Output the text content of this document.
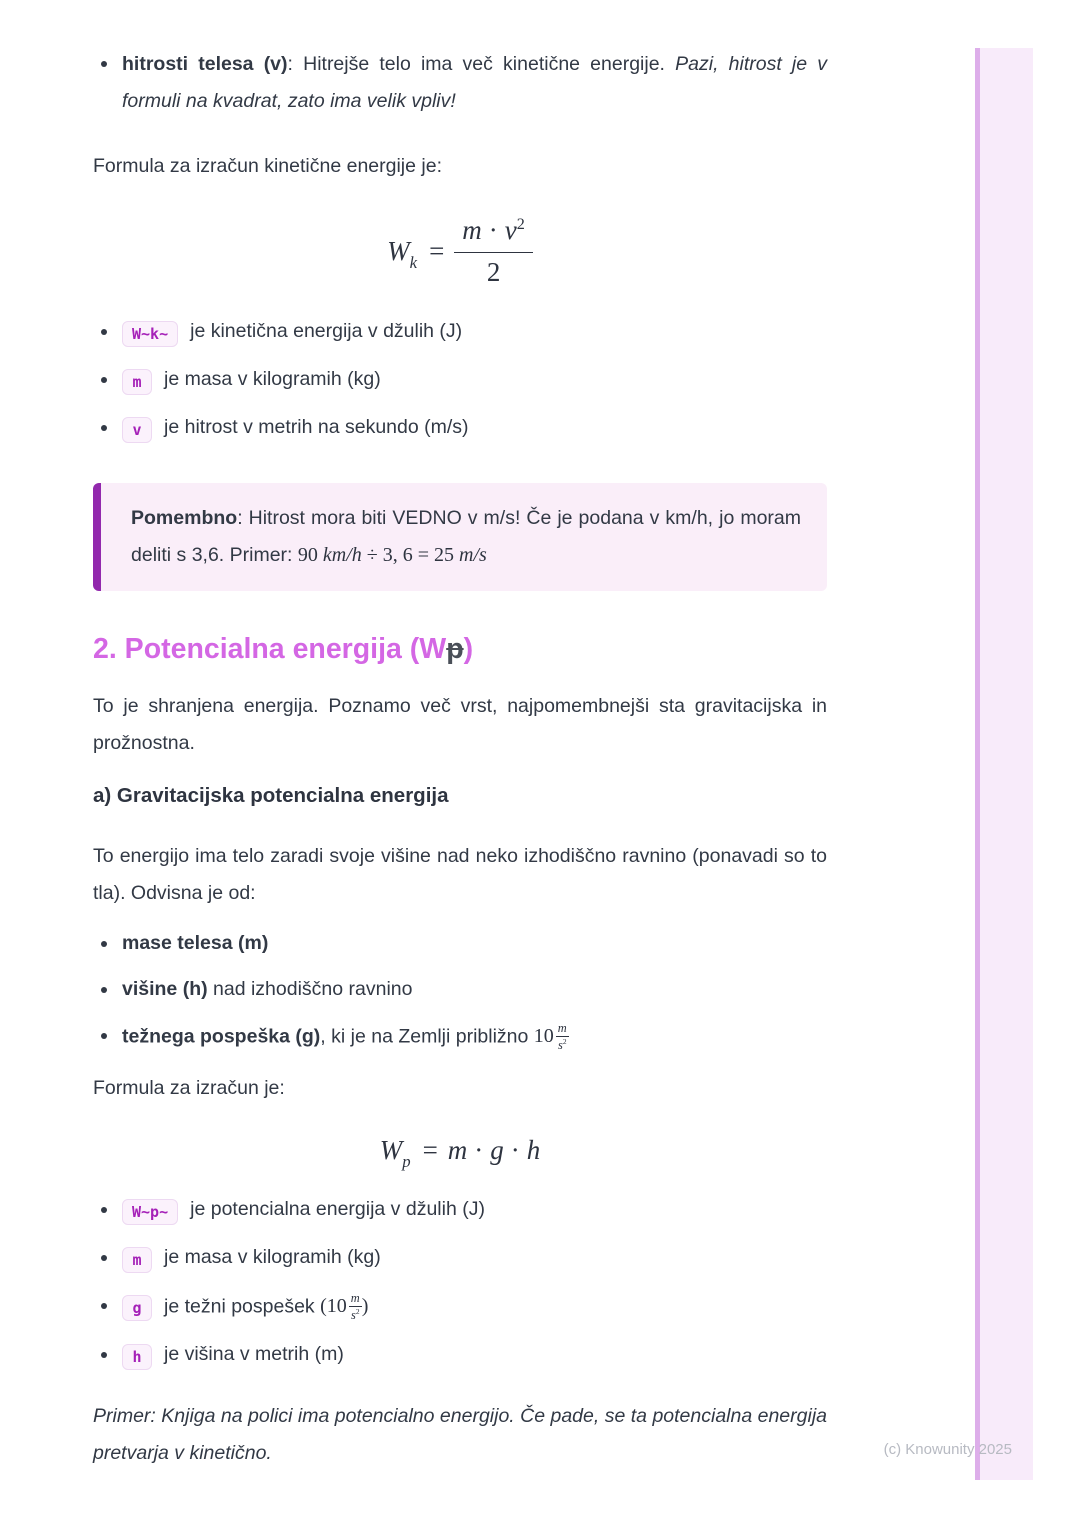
hitrosti telesa (v): Hitrejše telo ima več kinetične energije. Pazi, hitrost je v formuli na kvadrat, zato ima velik vpliv!

Formula za izračun kinetične energije je:

$W_k = \frac{m \cdot v^2}{2}$
W~k~	je kinetična energija v džulih (J)
m	je masa v kilogramih (kg)
v	je hitrost v metrih na sekundo (m/s)

Pomembno: Hitrost mora biti VEDNO v m/s! Če je podana v km/h, jo moram deliti s 3,6. Primer: 90 km/h ÷ 3, 6 = 25 m/s

2. Potencialna energija (Wp)

To je shranjena energija. Poznamo več vrst, najpomembnejši sta gravitacijska in prožnostna.

a) Gravitacijska potencialna energija

To energijo ima telo zaradi svoje višine nad neko izhodiščno ravnino (ponavadi so to tla). Odvisna je od:

mase telesa (m)
višine (h) nad izhodiščno ravnino
težnega pospeška (g), ki je na Zemlji približno $10 \frac{m}{s^2}$

Formula za izračun je:

$W_p = m \cdot g \cdot h$
W~p~	je potencialna energija v džulih (J)
m	je masa v kilogramih (kg)
g	je težni pospešek ($10 \frac{m}{s^2}$ )
h	je višina v metrih (m)

Primer: Knjiga na polici ima potencialno energijo. Če pade, se ta potencialna energija pretvarja v kinetično.	(c) Knowunity 2025
